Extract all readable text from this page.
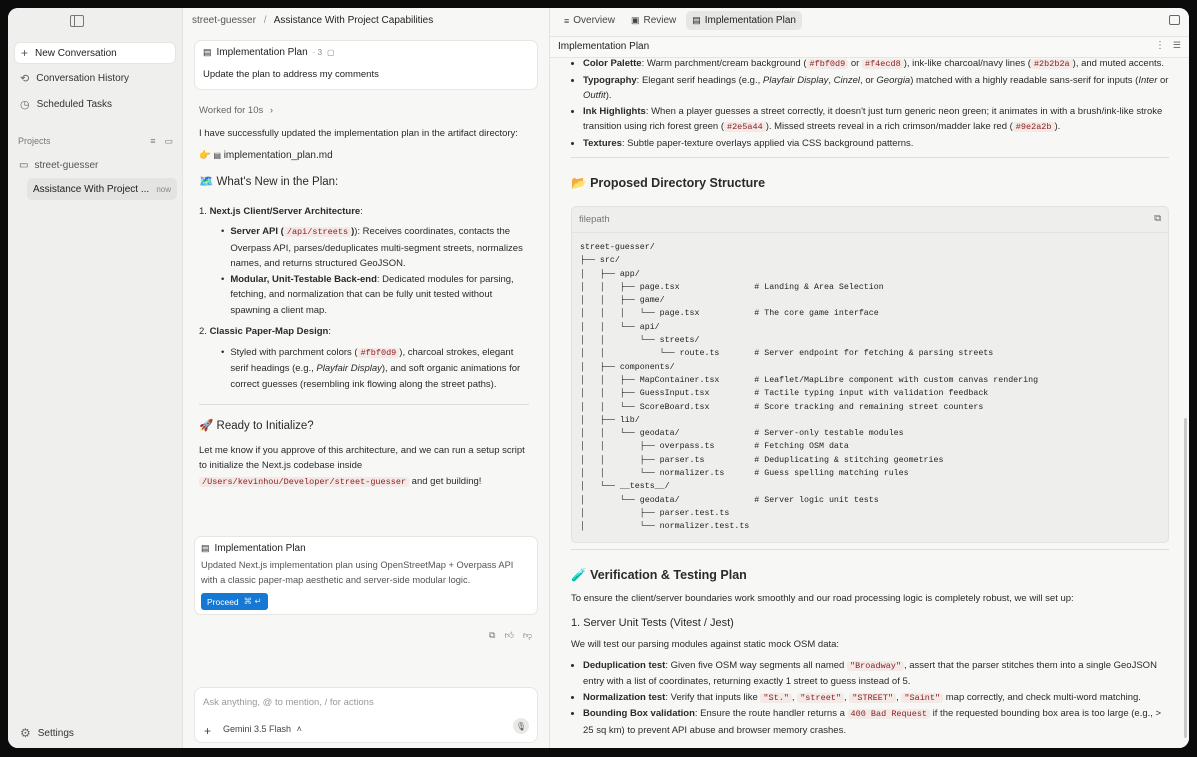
+ New Conversation
⟲ Conversation History
◷ Scheduled Tasks
Projects	≡ ▭
▭ street-guesser
Assistance With Project ... now
⚙ Settings
street-guesser / Assistance With Project Capabilities
▤ Implementation Plan · 3 ▢
Update the plan to address my comments
Worked for 10s ›
I have successfully updated the implementation plan in the artifact directory:
👉 ▤ implementation_plan.md
🗺️ What's New in the Plan:
1. Next.js Client/Server Architecture:
• Server API ( /api/streets )): Receives coordinates, contacts the Overpass API, parses/deduplicates multi-segment streets, normalizes names, and returns structured GeoJSON.
• Modular, Unit-Testable Back-end: Dedicated modules for parsing, fetching, and normalization that can be fully unit tested without spawning a client map.
2. Classic Paper-Map Design:
• Styled with parchment colors ( #fbf0d9 ), charcoal strokes, elegant serif headings (e.g., Playfair Display), and soft organic animations for correct guesses (resembling ink flowing along the street paths).
🚀 Ready to Initialize?
Let me know if you approve of this architecture, and we can run a setup script to initialize the Next.js codebase inside /Users/kevinhou/Developer/street-guesser and get building!
▤ Implementation Plan
Updated Next.js implementation plan using OpenStreetMap + Overpass API with a classic paper-map aesthetic and server-side modular logic.
Proceed ⌘ ↵
⧉ 👍︎ 👎︎
Ask anything, @ to mention, / for actions
+ Gemini 3.5 Flash ˄	🎙︎
≡ Overview ▣ Review ▤ Implementation Plan
Implementation Plan	⋮ ☰
• Color Palette: Warm parchment/cream background ( #fbf0d9 or #f4ecd8 ), ink-like charcoal/navy lines ( #2b2b2a ), and muted accents.
• Typography: Elegant serif headings (e.g., Playfair Display, Cinzel, or Georgia) matched with a highly readable sans-serif for inputs (Inter or Outfit).
• Ink Highlights: When a player guesses a street correctly, it doesn't just turn generic neon green; it animates in with a brush/ink-like stroke transition using rich forest green ( #2e5a44 ). Missed streets reveal in a rich crimson/madder lake red ( #9e2a2b ).
• Textures: Subtle paper-texture overlays applied via CSS background patterns.
📂 Proposed Directory Structure
filepath	⧉
street-guesser/
├── src/
│   ├── app/
│   │   ├── page.tsx               # Landing & Area Selection
│   │   ├── game/
│   │   │   └── page.tsx           # The core game interface
│   │   └── api/
│   │       └── streets/
│   │           └── route.ts       # Server endpoint for fetching & parsing streets
│   ├── components/
│   │   ├── MapContainer.tsx       # Leaflet/MapLibre component with custom canvas rendering
│   │   ├── GuessInput.tsx         # Tactile typing input with validation feedback
│   │   └── ScoreBoard.tsx         # Score tracking and remaining street counters
│   ├── lib/
│   │   └── geodata/               # Server-only testable modules
│   │       ├── overpass.ts        # Fetching OSM data
│   │       ├── parser.ts          # Deduplicating & stitching geometries
│   │       └── normalizer.ts      # Guess spelling matching rules
│   └── __tests__/
│       └── geodata/               # Server logic unit tests
│           ├── parser.test.ts
│           └── normalizer.test.ts
🧪 Verification & Testing Plan
To ensure the client/server boundaries work smoothly and our road processing logic is completely robust, we will set up:
1. Server Unit Tests (Vitest / Jest)
We will test our parsing modules against static mock OSM data:
• Deduplication test: Given five OSM way segments all named "Broadway" , assert that the parser stitches them into a single GeoJSON entry with a list of coordinates, returning exactly 1 street to guess instead of 5.
• Normalization test: Verify that inputs like "St." , "street" , "STREET" , "Saint" map correctly, and check multi-word matching.
• Bounding Box validation: Ensure the route handler returns a 400 Bad Request if the requested bounding box area is too large (e.g., > 25 sq km) to prevent API abuse and browser memory crashes.
